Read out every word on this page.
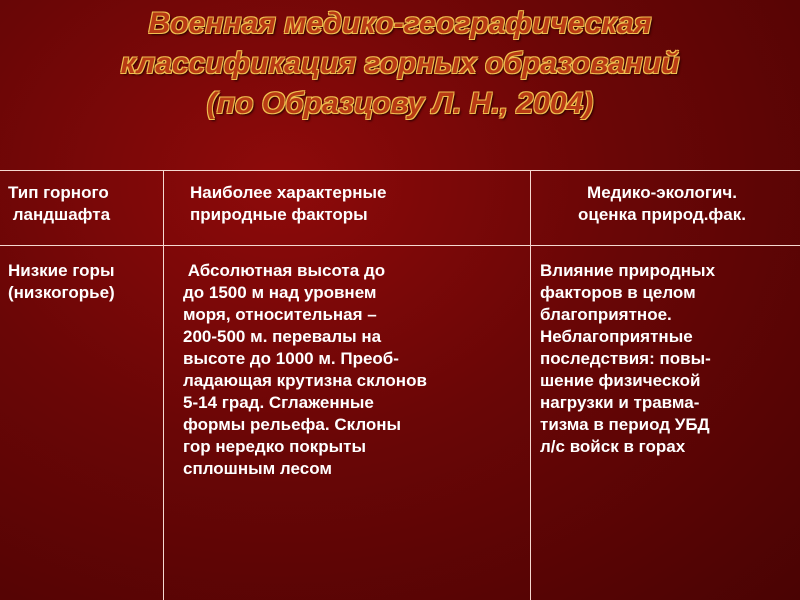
Военная медико-географическая
классификация горных образований
(по Образцову Л. Н., 2004)
Тип горного
ландшафта
Наиболее характерные
природные факторы
Медико-экологич.
оценка природ.фак.
Низкие горы
(низкогорье)
Абсолютная высота до
до 1500 м над уровнем
моря, относительная –
200-500 м. перевалы на
высоте до 1000 м. Преоб-
ладающая крутизна склонов
5-14 град. Сглаженные
формы рельефа. Склоны
гор нередко покрыты
сплошным лесом
Влияние природных
факторов в целом
благоприятное.
Неблагоприятные
последствия: повы-
шение физической
нагрузки и травма-
тизма в период УБД
л/с войск в горах
